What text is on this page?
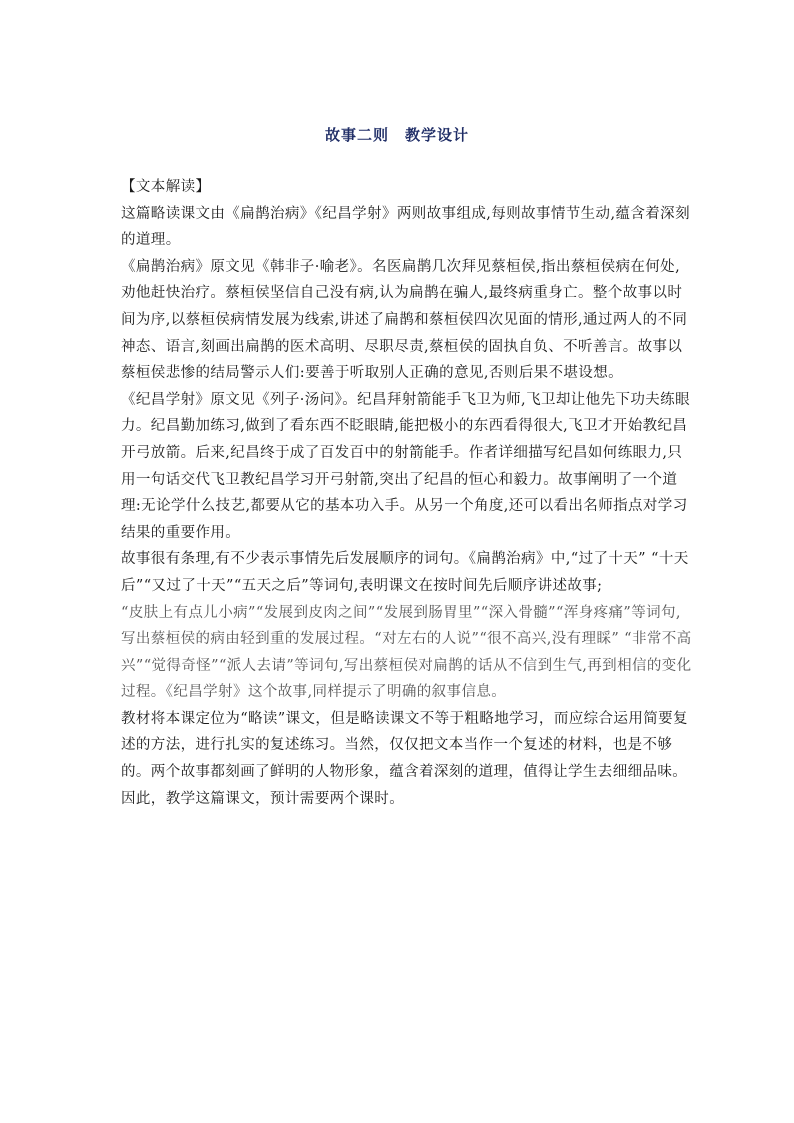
故事二则　教学设计

【文本解读】

这篇略读课文由《扁鹊治病》《纪昌学射》两则故事组成,每则故事情节生动,蕴含着深刻的道理。

《扁鹊治病》原文见《韩非子·喻老》。名医扁鹊几次拜见蔡桓侯,指出蔡桓侯病在何处,劝他赶快治疗。蔡桓侯坚信自己没有病,认为扁鹊在骗人,最终病重身亡。整个故事以时间为序,以蔡桓侯病情发展为线索,讲述了扁鹊和蔡桓侯四次见面的情形,通过两人的不同神态、语言,刻画出扁鹊的医术高明、尽职尽责,蔡桓侯的固执自负、不听善言。故事以蔡桓侯悲惨的结局警示人们:要善于听取别人正确的意见,否则后果不堪设想。

《纪昌学射》原文见《列子·汤问》。纪昌拜射箭能手飞卫为师,飞卫却让他先下功夫练眼力。纪昌勤加练习,做到了看东西不眨眼睛,能把极小的东西看得很大,飞卫才开始教纪昌开弓放箭。后来,纪昌终于成了百发百中的射箭能手。作者详细描写纪昌如何练眼力,只用一句话交代飞卫教纪昌学习开弓射箭,突出了纪昌的恒心和毅力。故事阐明了一个道理:无论学什么技艺,都要从它的基本功入手。从另一个角度,还可以看出名师指点对学习结果的重要作用。

故事很有条理,有不少表示事情先后发展顺序的词句。《扁鹊治病》中,“过了十天” “十天后”“又过了十天”“五天之后”等词句,表明课文在按时间先后顺序讲述故事;

“皮肤上有点儿小病”“发展到皮肉之间”“发展到肠胃里”“深入骨髓”“浑身疼痛”等词句,写出蔡桓侯的病由轻到重的发展过程。“对左右的人说”“很不高兴,没有理睬” “非常不高兴”“觉得奇怪”“派人去请”等词句,写出蔡桓侯对扁鹊的话从不信到生气,再到相信的变化过程。《纪昌学射》这个故事,同样提示了明确的叙事信息。

教材将本课定位为“略读”课文，但是略读课文不等于粗略地学习，而应综合运用简要复述的方法，进行扎实的复述练习。当然，仅仅把文本当作一个复述的材料，也是不够的。两个故事都刻画了鲜明的人物形象，蕴含着深刻的道理，值得让学生去细细品味。因此，教学这篇课文，预计需要两个课时。
